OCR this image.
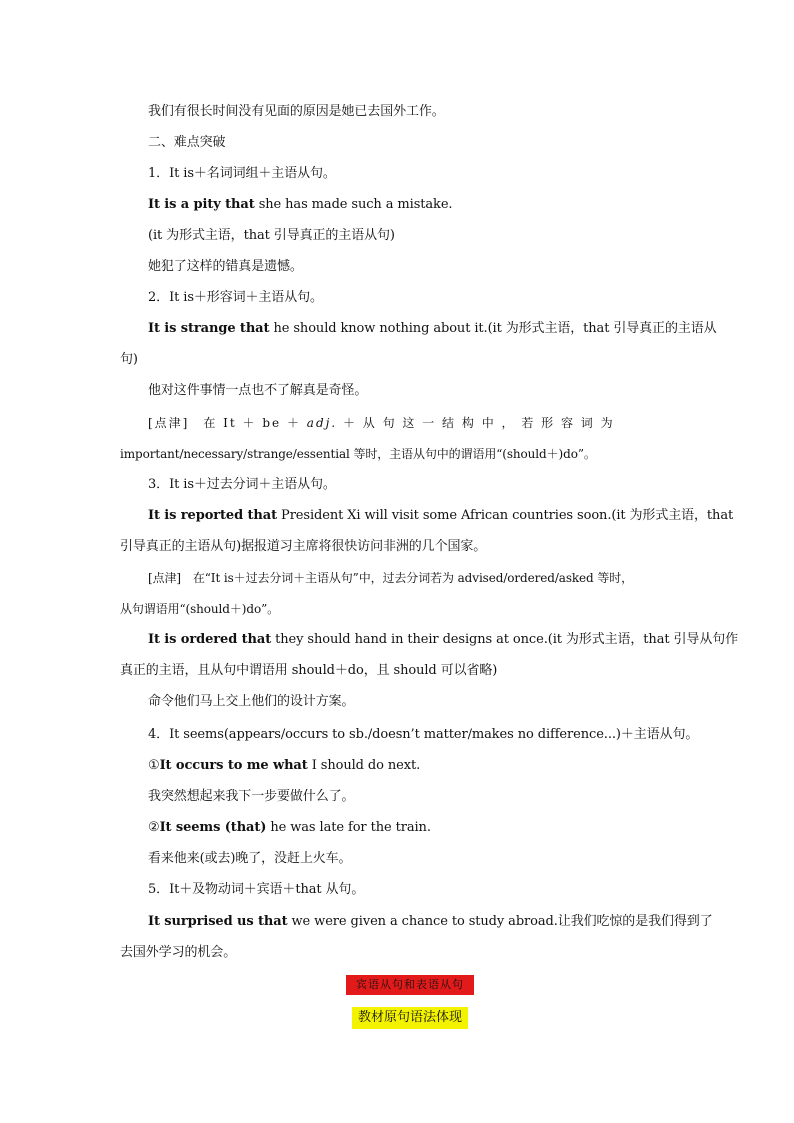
我们有很长时间没有见面的原因是她已去国外工作。
二、难点突破
1．It is＋名词词组＋主语从句。
It is a pity that she has made such a mistake.
(it 为形式主语，that 引导真正的主语从句)
她犯了这样的错真是遗憾。
2．It is＋形容词＋主语从句。
It is strange that he should know nothing about it.(it 为形式主语，that 引导真正的主语从
句)
他对这件事情一点也不了解真是奇怪。
[点津]　在 It ＋ be ＋ adj. ＋ 从 句 这 一 结 构 中 ， 若 形 容 词 为
important/necessary/strange/essential 等时，主语从句中的谓语用“(should＋)do”。
3．It is＋过去分词＋主语从句。
It is reported that President Xi will visit some African countries soon.(it 为形式主语，that
引导真正的主语从句)据报道习主席将很快访问非洲的几个国家。
[点津]　在“It is＋过去分词＋主语从句”中，过去分词若为 advised/ordered/asked 等时，
从句谓语用“(should＋)do”。
It is ordered that they should hand in their designs at once.(it 为形式主语，that 引导从句作
真正的主语，且从句中谓语用 should＋do，且 should 可以省略)
命令他们马上交上他们的设计方案。
4．It seems(appears/occurs to sb./doesn’t matter/makes no difference...)＋主语从句。
①It occurs to me what I should do next.
我突然想起来我下一步要做什么了。
②It seems (that) he was late for the train.
看来他来(或去)晚了，没赶上火车。
5．It＋及物动词＋宾语＋that 从句。
It surprised us that we were given a chance to study abroad.让我们吃惊的是我们得到了
去国外学习的机会。
宾语从句和表语从句
教材原句语法体现
